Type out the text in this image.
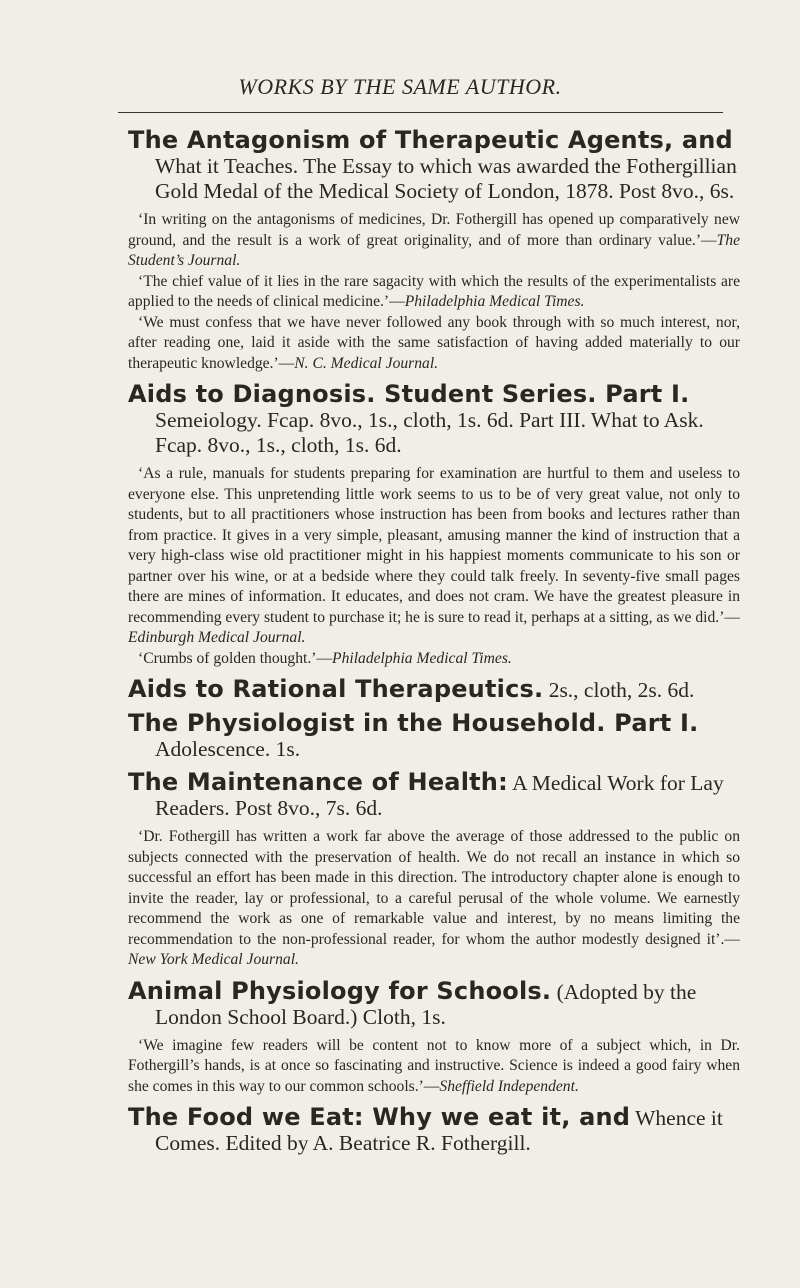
WORKS BY THE SAME AUTHOR.

The Antagonism of Therapeutic Agents, and What it Teaches. The Essay to which was awarded the Fothergillian Gold Medal of the Medical Society of London, 1878. Post 8vo., 6s.

‘In writing on the antagonisms of medicines, Dr. Fothergill has opened up comparatively new ground, and the result is a work of great originality, and of more than ordinary value.’—The Student’s Journal.

‘The chief value of it lies in the rare sagacity with which the results of the experimentalists are applied to the needs of clinical medicine.’—Philadelphia Medical Times.

‘We must confess that we have never followed any book through with so much interest, nor, after reading one, laid it aside with the same satisfaction of having added materially to our therapeutic knowledge.’—N. C. Medical Journal.

Aids to Diagnosis. Student Series. Part I. Semeiology. Fcap. 8vo., 1s., cloth, 1s. 6d. Part III. What to Ask. Fcap. 8vo., 1s., cloth, 1s. 6d.

‘As a rule, manuals for students preparing for examination are hurtful to them and useless to everyone else. This unpretending little work seems to us to be of very great value, not only to students, but to all practitioners whose instruction has been from books and lectures rather than from practice. It gives in a very simple, pleasant, amusing manner the kind of instruction that a very high-class wise old practitioner might in his happiest moments communicate to his son or partner over his wine, or at a bedside where they could talk freely. In seventy-five small pages there are mines of information. It educates, and does not cram. We have the greatest pleasure in recommending every student to purchase it; he is sure to read it, perhaps at a sitting, as we did.’—Edinburgh Medical Journal.

‘Crumbs of golden thought.’—Philadelphia Medical Times.

Aids to Rational Therapeutics. 2s., cloth, 2s. 6d.

The Physiologist in the Household. Part I. Adolescence. 1s.

The Maintenance of Health: A Medical Work for Lay Readers. Post 8vo., 7s. 6d.

‘Dr. Fothergill has written a work far above the average of those addressed to the public on subjects connected with the preservation of health. We do not recall an instance in which so successful an effort has been made in this direction. The introductory chapter alone is enough to invite the reader, lay or professional, to a careful perusal of the whole volume. We earnestly recommend the work as one of remarkable value and interest, by no means limiting the recommendation to the non-professional reader, for whom the author modestly designed it’.—New York Medical Journal.

Animal Physiology for Schools. (Adopted by the London School Board.) Cloth, 1s.

‘We imagine few readers will be content not to know more of a subject which, in Dr. Fothergill’s hands, is at once so fascinating and instructive. Science is indeed a good fairy when she comes in this way to our common schools.’—Sheffield Independent.

The Food we Eat: Why we eat it, and Whence it Comes. Edited by A. Beatrice R. Fothergill.
